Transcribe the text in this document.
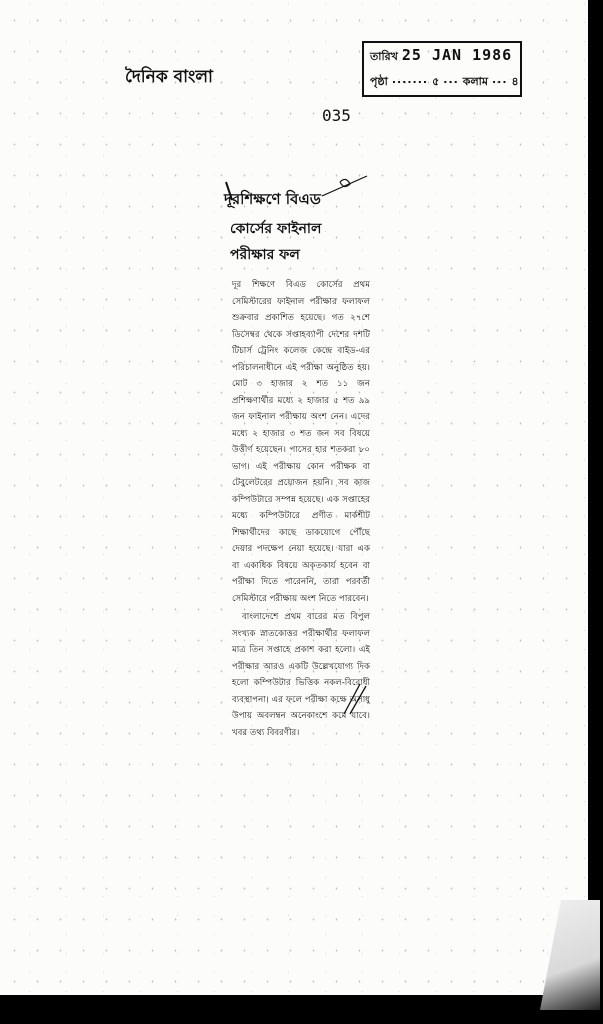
দৈনিক বাংলা
তারিখ 25 JAN 1986
পৃষ্ঠা ....... ৫ ... কলাম ... ৪
035
দূরশিক্ষণে বিএড
কোর্সের ফাইনাল
পরীক্ষার ফল

দূর শিক্ষণে বিএড কোর্সের প্রথম সেমিস্টারের ফাইনাল পরীক্ষার ফলাফল শুক্রবার প্রকাশিত হয়েছে। গত ২৭শে ডিসেম্বর থেকে সপ্তাহব্যাপী দেশের দশটি টিচার্স ট্রেনিং কলেজ কেন্দ্রে বাইড-এর পরিচালনাধীনে এই পরীক্ষা অনুষ্ঠিত হয়। মোট ৩ হাজার ২ শত ১১ জন প্রশিক্ষণার্থীর মধ্যে ২ হাজার ৫ শত ৯৯ জন ফাইনাল পরীক্ষায় অংশ নেন। এদের মধ্যে ২ হাজার ৩ শত জন সব বিষয়ে উত্তীর্ণ হয়েছেন। পাসের হার শতকরা ৮০ ভাগ। এই পরীক্ষায় কোন পরীক্ষক বা টেবুলেটরের প্রয়োজন হয়নি। সব কাজ কম্পিউটারে সম্পন্ন হয়েছে। এক সপ্তাহের মধ্যে কম্পিউটারে প্রণীত মার্কশীট শিক্ষার্থীদের কাছে ডাকযোগে পৌঁছে দেয়ার পদক্ষেপ নেয়া হয়েছে। যারা এক বা একাধিক বিষয়ে অকৃতকার্য হবেন বা পরীক্ষা দিতে পারেননি, তারা পরবর্তী সেমিস্টারে পরীক্ষায় অংশ নিতে পারবেন।

বাংলাদেশে প্রথম বারের মত বিপুল সংখ্যক স্নাতকোত্তর পরীক্ষার্থীর ফলাফল মাত্র তিন সপ্তাহে প্রকাশ করা হলো। এই পরীক্ষার আরও একটি উল্লেখযোগ্য দিক হলো কম্পিউটার ভিত্তিক নকল-বিরোধী ব্যবস্থাপনা। এর ফলে পরীক্ষা কক্ষে অসাধু উপায় অবলম্বন অনেকাংশে কমে যাবে। খবর তথ্য বিবরণীর।
